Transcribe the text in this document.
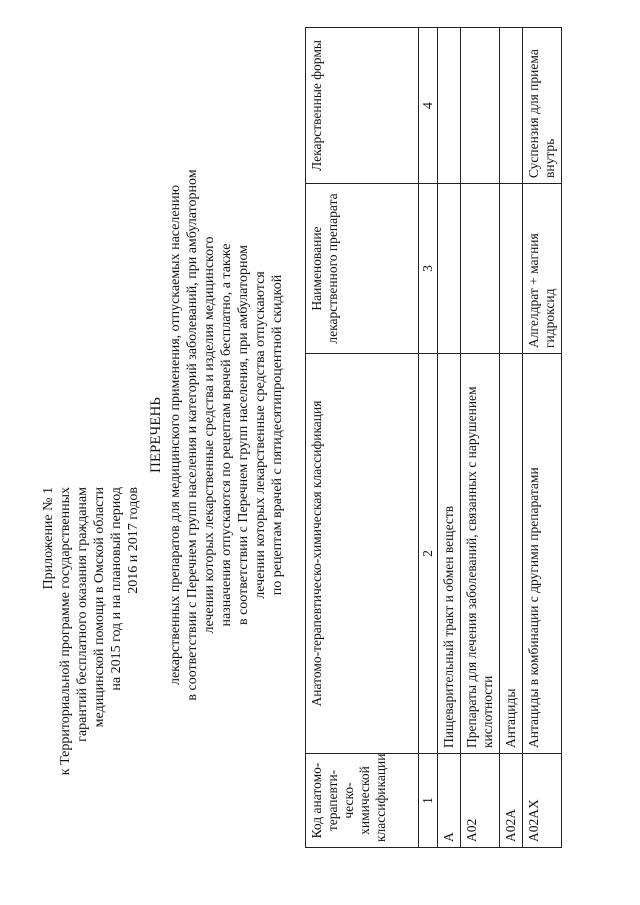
Приложение № 1 к Территориальной программе государственных гарантий бесплатного оказания гражданам медицинской помощи в Омской области на 2015 год и на плановый период 2016 и 2017 годов
ПЕРЕЧЕНЬ лекарственных препаратов для медицинского применения, отпускаемых населению в соответствии с Перечнем групп населения и категорий заболеваний, при амбулаторном лечении которых лекарственные средства и изделия медицинского назначения отпускаются по рецептам врачей бесплатно, а также в соответствии с Перечнем групп населения, при амбулаторном лечении которых лекарственные средства отпускаются по рецептам врачей с пятидесятипроцентной скидкой
Код анатомо-терапевти-ческо-химической классификации	Анатомо-терапевтическо-химическая классификация	Наименование лекарственного препарата	Лекарственные формы
1	2	3	4
A	Пищеварительный тракт и обмен веществ		
A02	Препараты для лечения заболеваний, связанных с нарушением кислотности		
A02A	Антациды		
A02AX	Антациды в комбинации с другими препаратами	Алгелдрат + магния гидроксид	Суспензия для приема внутрь
